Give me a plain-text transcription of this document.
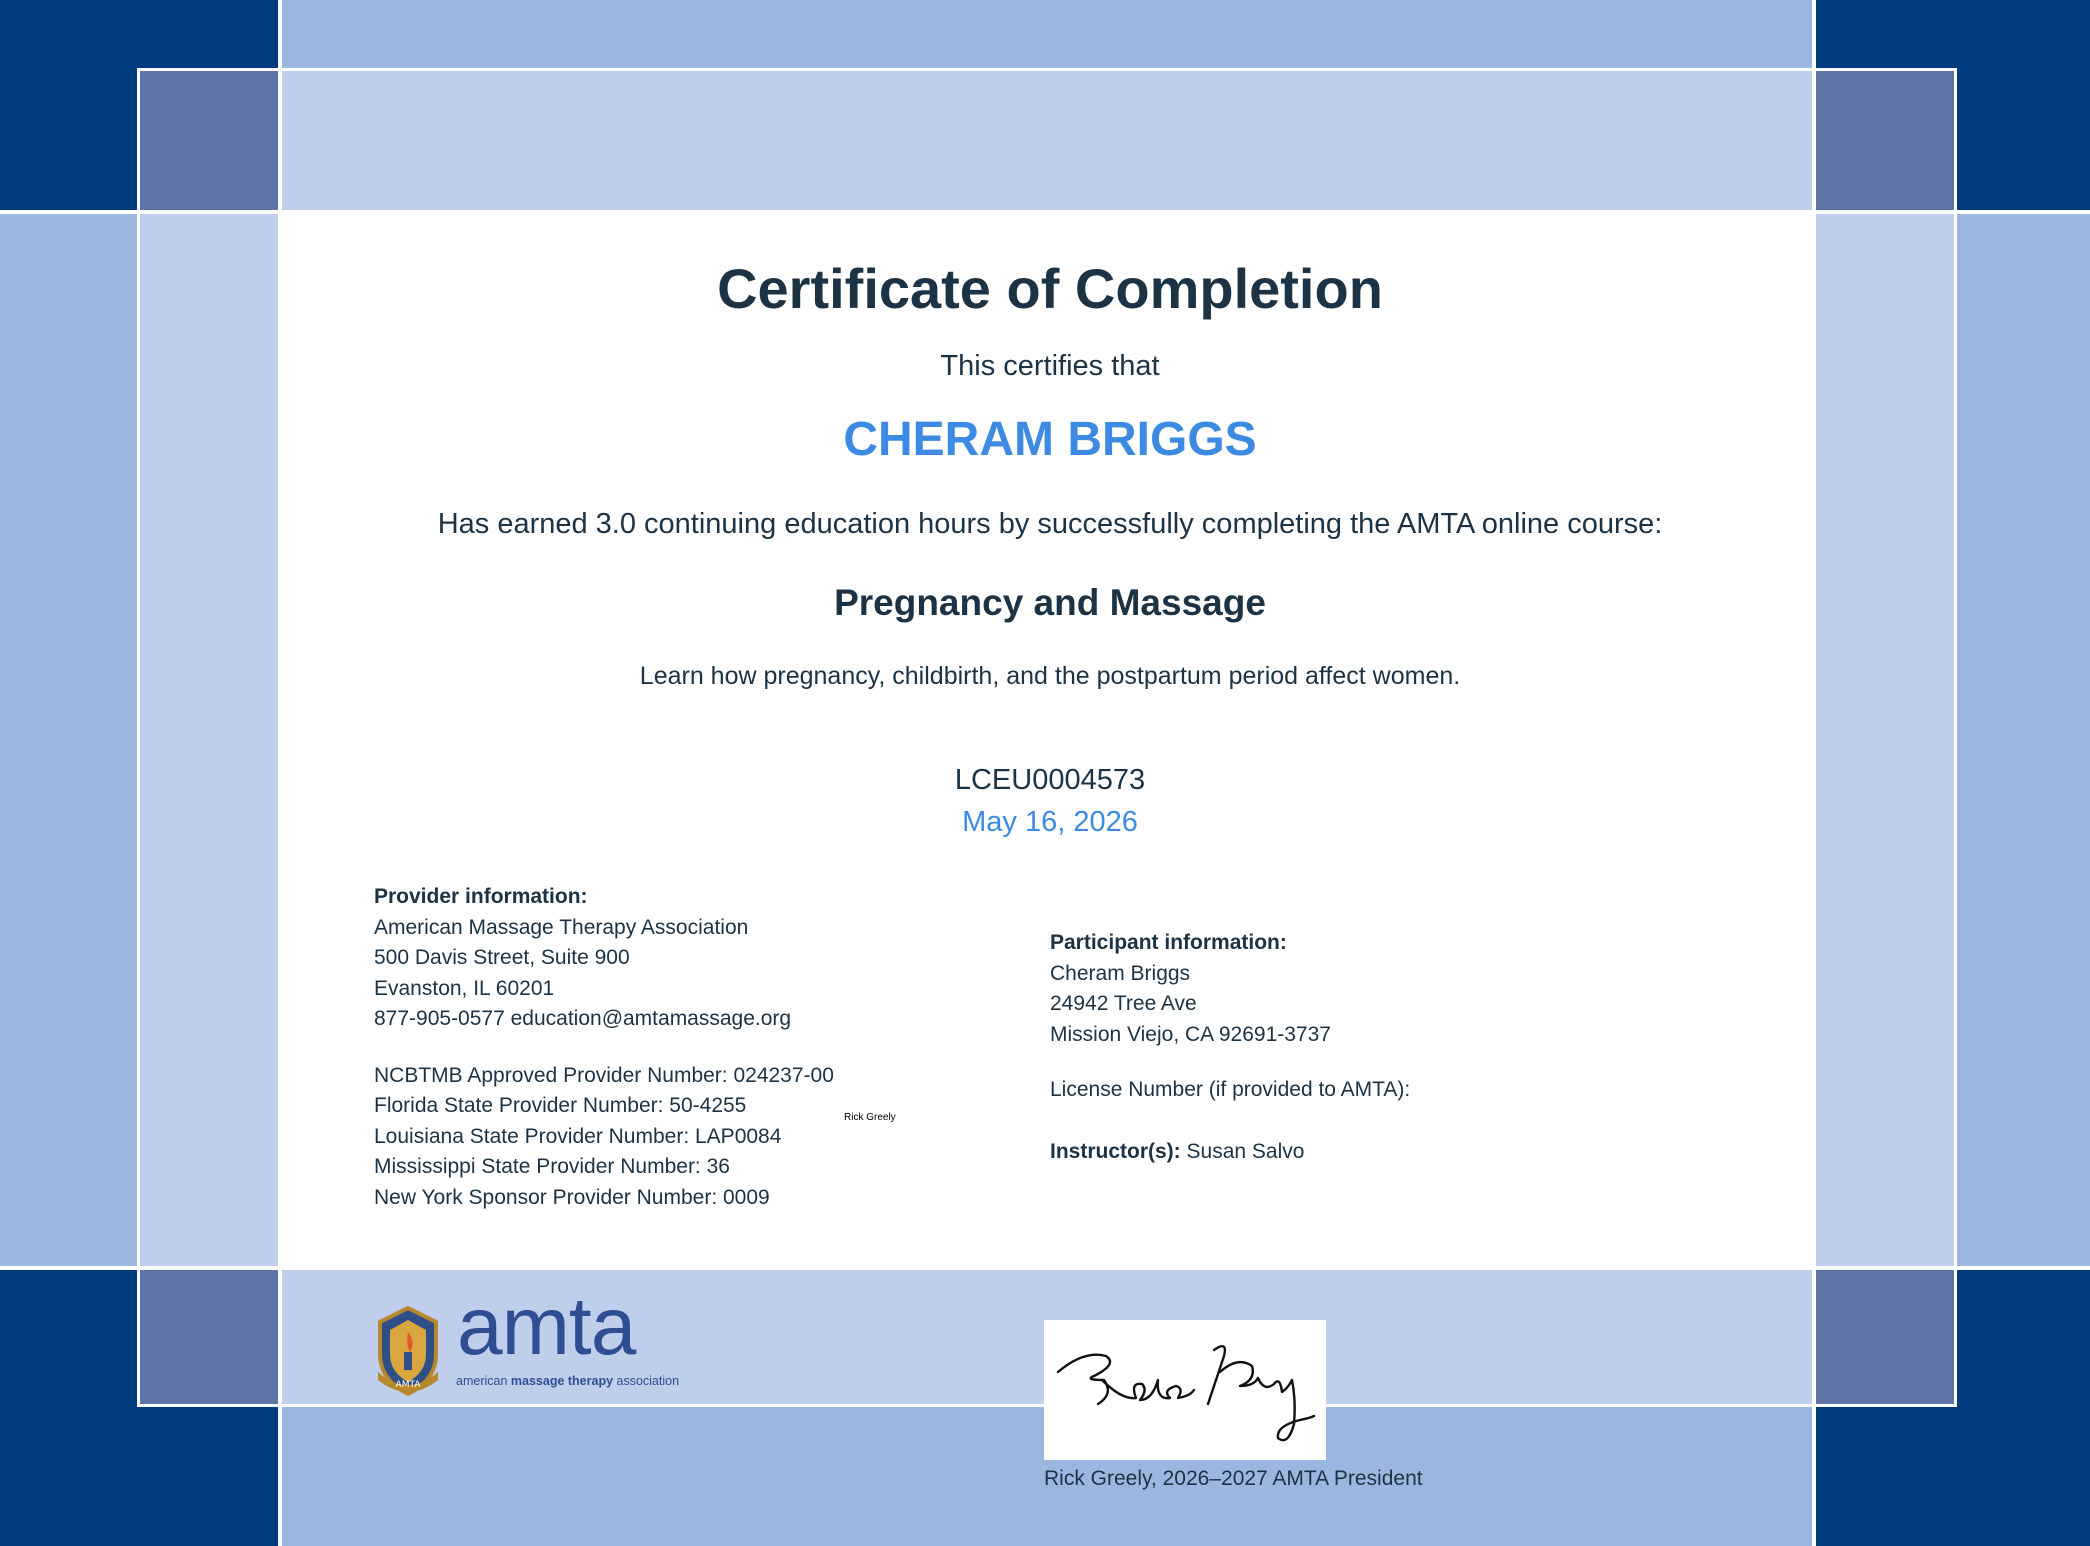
Certificate of Completion
This certifies that
CHERAM BRIGGS
Has earned 3.0 continuing education hours by successfully completing the AMTA online course:
Pregnancy and Massage
Learn how pregnancy, childbirth, and the postpartum period affect women.
LCEU0004573
May 16, 2026
Provider information:
American Massage Therapy Association
500 Davis Street, Suite 900
Evanston, IL 60201
877-905-0577 education@amtamassage.org
NCBTMB Approved Provider Number: 024237-00
Florida State Provider Number: 50-4255
Louisiana State Provider Number: LAP0084
Mississippi State Provider Number: 36
New York Sponsor Provider Number: 0009
Participant information:
Cheram Briggs
24942 Tree Ave
Mission Viejo, CA 92691-3737
License Number (if provided to AMTA):
Instructor(s): Susan Salvo
AMTA
amta
american massage therapy association
Rick Greely
Rick Greely, 2026–2027 AMTA President
